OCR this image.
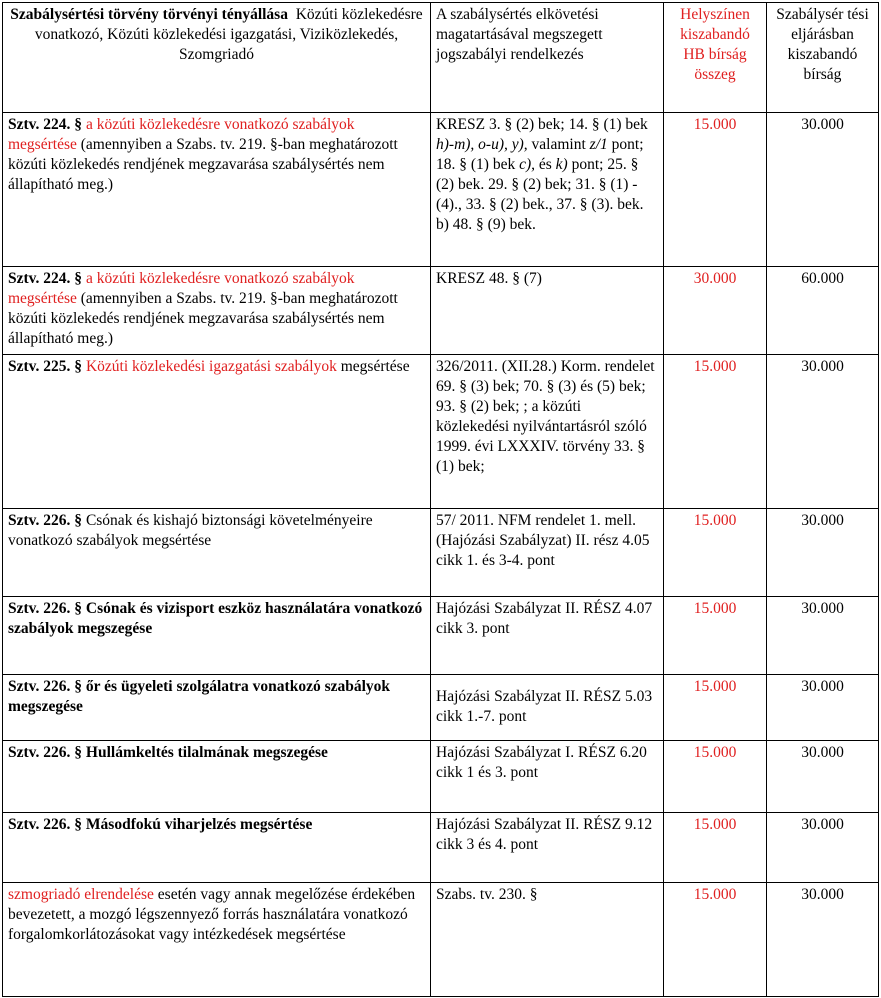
Szabálysértési törvény törvényi tényállása Közúti közlekedésre vonatkozó, Közúti közlekedési igazgatási, Viziközlekedés, Szomgriadó	A szabálysértés elkövetési magatartásával megszegett jogszabályi rendelkezés	Helyszínen kiszabandó HB bírság összeg	Szabálysér tési eljárásban kiszabandó bírság
Sztv. 224. § a közúti közlekedésre vonatkozó szabályok megsértése (amennyiben a Szabs. tv. 219. §-ban meghatározott közúti közlekedés rendjének megzavarása szabálysértés nem állapítható meg.)	KRESZ 3. § (2) bek; 14. § (1) bek h)-m), o-u), y), valamint z/1 pont; 18. § (1) bek c), és k) pont; 25. § (2) bek. 29. § (2) bek; 31. § (1) - (4)., 33. § (2) bek., 37. § (3). bek. b) 48. § (9) bek.	15.000	30.000
Sztv. 224. § a közúti közlekedésre vonatkozó szabályok megsértése (amennyiben a Szabs. tv. 219. §-ban meghatározott közúti közlekedés rendjének megzavarása szabálysértés nem állapítható meg.)	KRESZ 48. § (7)	30.000	60.000
Sztv. 225. § Közúti közlekedési igazgatási szabályok megsértése	326/2011. (XII.28.) Korm. rendelet 69. § (3) bek; 70. § (3) és (5) bek; 93. § (2) bek; ; a közúti közlekedési nyilvántartásról szóló 1999. évi LXXXIV. törvény 33. § (1) bek;	15.000	30.000
Sztv. 226. § Csónak és kishajó biztonsági követelményeire vonatkozó szabályok megsértése	57/ 2011. NFM rendelet 1. mell. (Hajózási Szabályzat) II. rész 4.05 cikk 1. és 3-4. pont	15.000	30.000
Sztv. 226. § Csónak és vizisport eszköz használatára vonatkozó szabályok megszegése	Hajózási Szabályzat II. RÉSZ 4.07 cikk 3. pont	15.000	30.000
Sztv. 226. § őr és ügyeleti szolgálatra vonatkozó szabályok megszegése	Hajózási Szabályzat II. RÉSZ 5.03 cikk 1.-7. pont	15.000	30.000
Sztv. 226. § Hullámkeltés tilalmának megszegése	Hajózási Szabályzat I. RÉSZ 6.20 cikk 1 és 3. pont	15.000	30.000
Sztv. 226. § Másodfokú viharjelzés megsértése	Hajózási Szabályzat II. RÉSZ 9.12 cikk 3 és 4. pont	15.000	30.000
szmogriadó elrendelése esetén vagy annak megelőzése érdekében bevezetett, a mozgó légszennyező forrás használatára vonatkozó forgalomkorlátozásokat vagy intézkedések megsértése	Szabs. tv. 230. §	15.000	30.000
